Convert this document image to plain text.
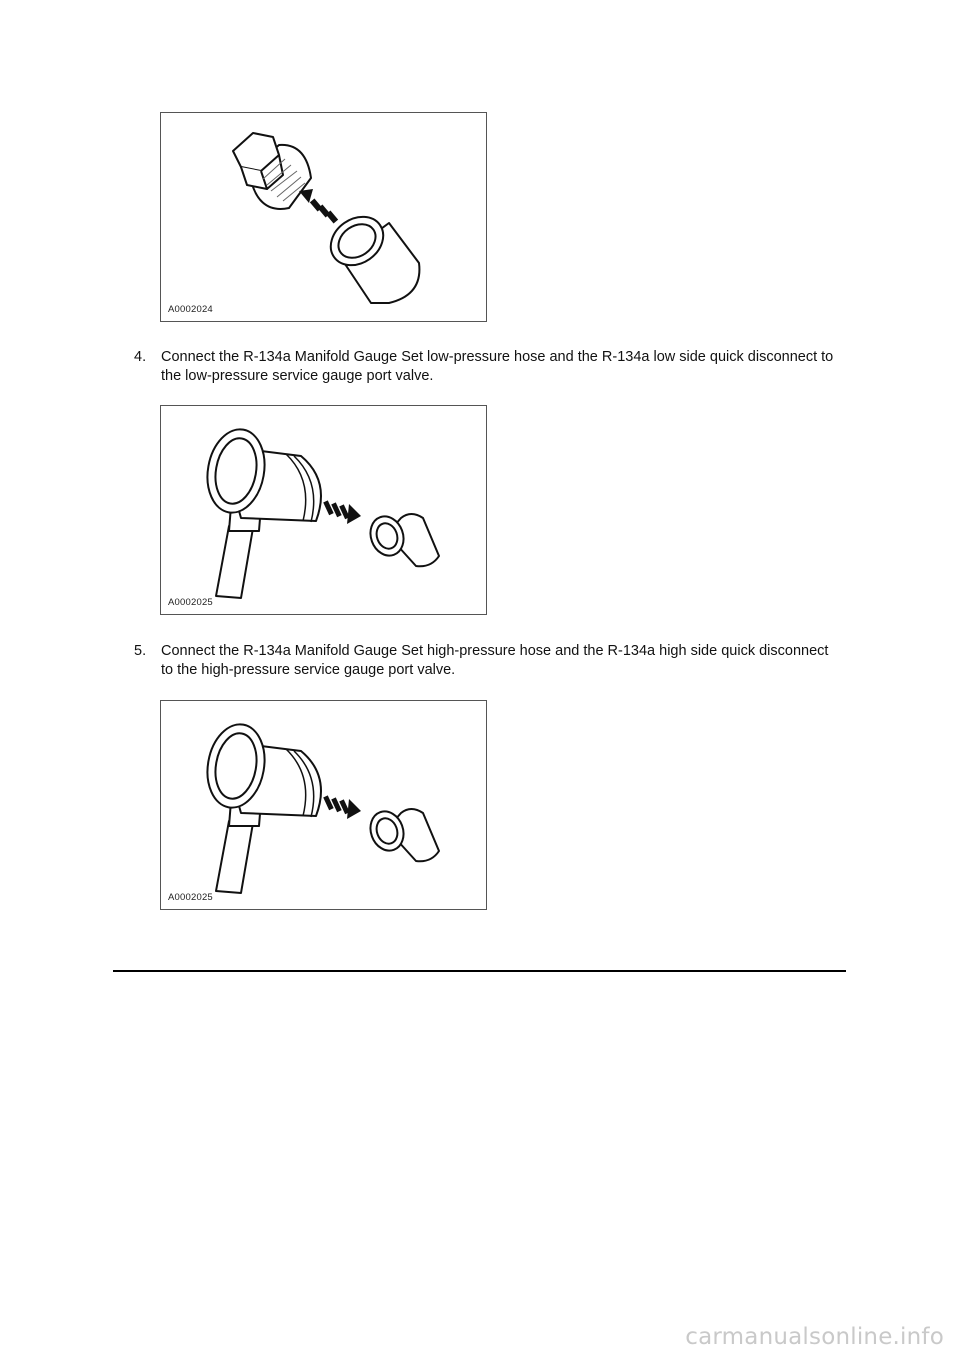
A0002024
4. Connect the R-134a Manifold Gauge Set low-pressure hose and the R-134a low side quick disconnect to the low-pressure service gauge port valve.
A0002025
5. Connect the R-134a Manifold Gauge Set high-pressure hose and the R-134a high side quick disconnect to the high-pressure service gauge port valve.
A0002025
carmanualsonline.info
